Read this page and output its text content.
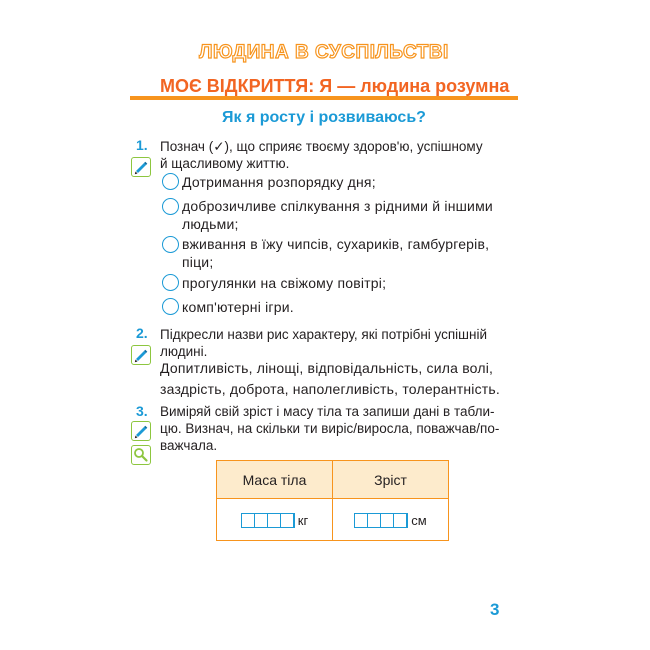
ЛЮДИНА В СУСПІЛЬСТВІ
МОЄ ВІДКРИТТЯ: Я — людина розумна
Як я росту і розвиваюсь?
1. Познач (✓), що сприяє твоєму здоров'ю, успішному
й щасливому життю.
Дотримання розпорядку дня;
доброзичливе спілкування з рідними й іншими
людьми;
вживання в їжу чипсів, сухариків, гамбургерів,
піци;
прогулянки на свіжому повітрі;
комп'ютерні ігри.
2. Підкресли назви рис характеру, які потрібні успішній
людині.
Допитливість, лінощі, відповідальність, сила волі,
заздрість, доброта, наполегливість, толерантність.
3. Виміряй свій зріст і масу тіла та запиши дані в табли-
цю. Визнач, на скільки ти виріс/виросла, поважчав/по-
важчала.
Маса тіла	Зріст
кг	см
3
